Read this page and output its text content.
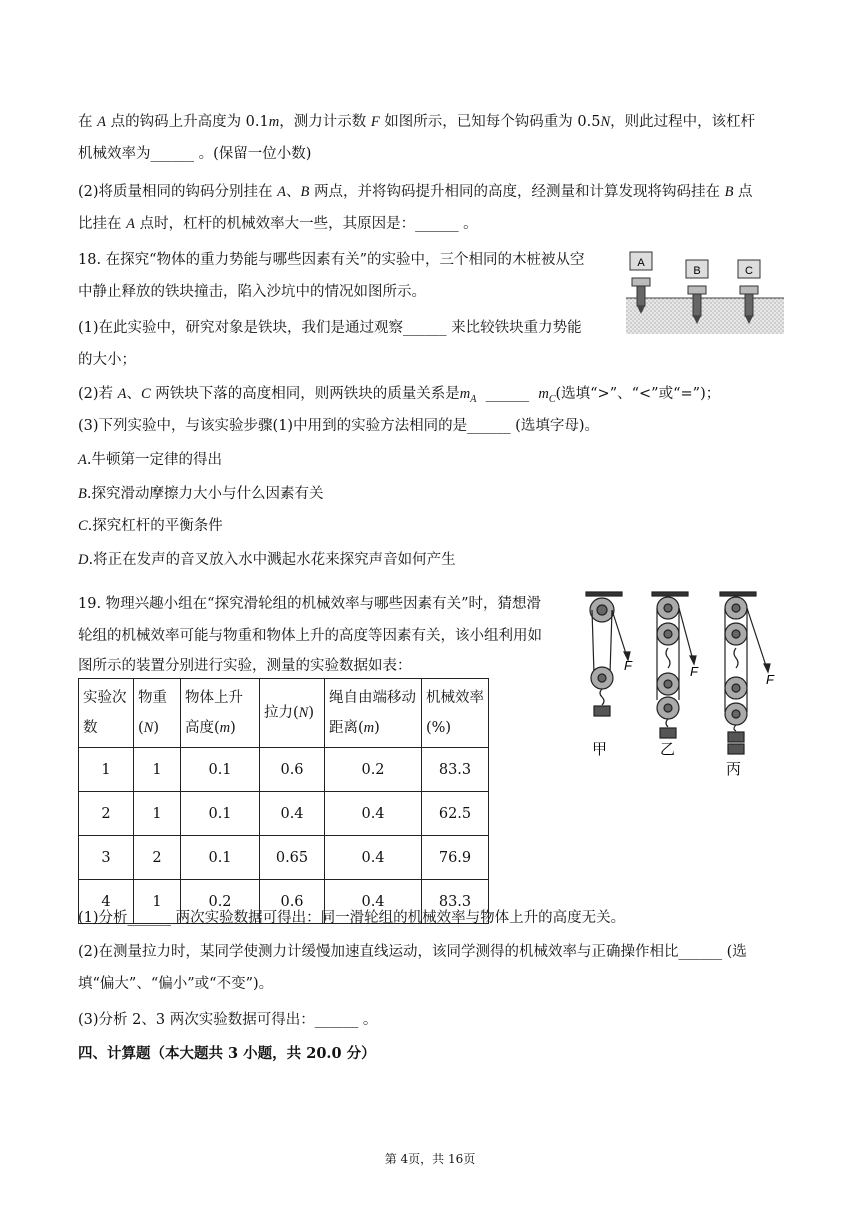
在 A 点的钩码上升高度为 0.1m，测力计示数 F 如图所示，已知每个钩码重为 0.5N，则此过程中，该杠杆
机械效率为______ 。(保留一位小数)
(2)将质量相同的钩码分别挂在 A、B 两点，并将钩码提升相同的高度，经测量和计算发现将钩码挂在 B 点
比挂在 A 点时，杠杆的机械效率大一些，其原因是：______ 。
18. 在探究“物体的重力势能与哪些因素有关”的实验中，三个相同的木桩被从空
中静止释放的铁块撞击，陷入沙坑中的情况如图所示。
(1)在此实验中，研究对象是铁块，我们是通过观察______ 来比较铁块重力势能
的大小；
(2)若 A、C 两铁块下落的高度相同，则两铁块的质量关系是$m_A$  ______  $m_C$(选填“>”、“<”或“=”)；
(3)下列实验中，与该实验步骤(1)中用到的实验方法相同的是______ (选填字母)。
A.牛顿第一定律的得出
B.探究滑动摩擦力大小与什么因素有关
C.探究杠杆的平衡条件
D.将正在发声的音叉放入水中溅起水花来探究声音如何产生
A
B	C
19. 物理兴趣小组在“探究滑轮组的机械效率与哪些因素有关”时，猜想滑
轮组的机械效率可能与物重和物体上升的高度等因素有关，该小组利用如
图所示的装置分别进行实验，测量的实验数据如表：	F	F
F
甲	乙
丙
实验次
数	物重
(N)	物体上升
高度(m)	拉力(N)	绳自由端移动
距离(m)	机械效率
(%)
1	1	0.1	0.6	0.2	83.3
2	1	0.1	0.4	0.4	62.5
3	2	0.1	0.65	0.4	76.9
4	1	0.2	0.6	0.4	83.3
(1)分析______ 两次实验数据可得出：同一滑轮组的机械效率与物体上升的高度无关。
(2)在测量拉力时，某同学使测力计缓慢加速直线运动，该同学测得的机械效率与正确操作相比______ (选
填“偏大”、“偏小”或“不变”)。
(3)分析 2、3 两次实验数据可得出：______ 。
四、计算题（本大题共 3 小题，共 20.0 分）
第 4页，共 16页
